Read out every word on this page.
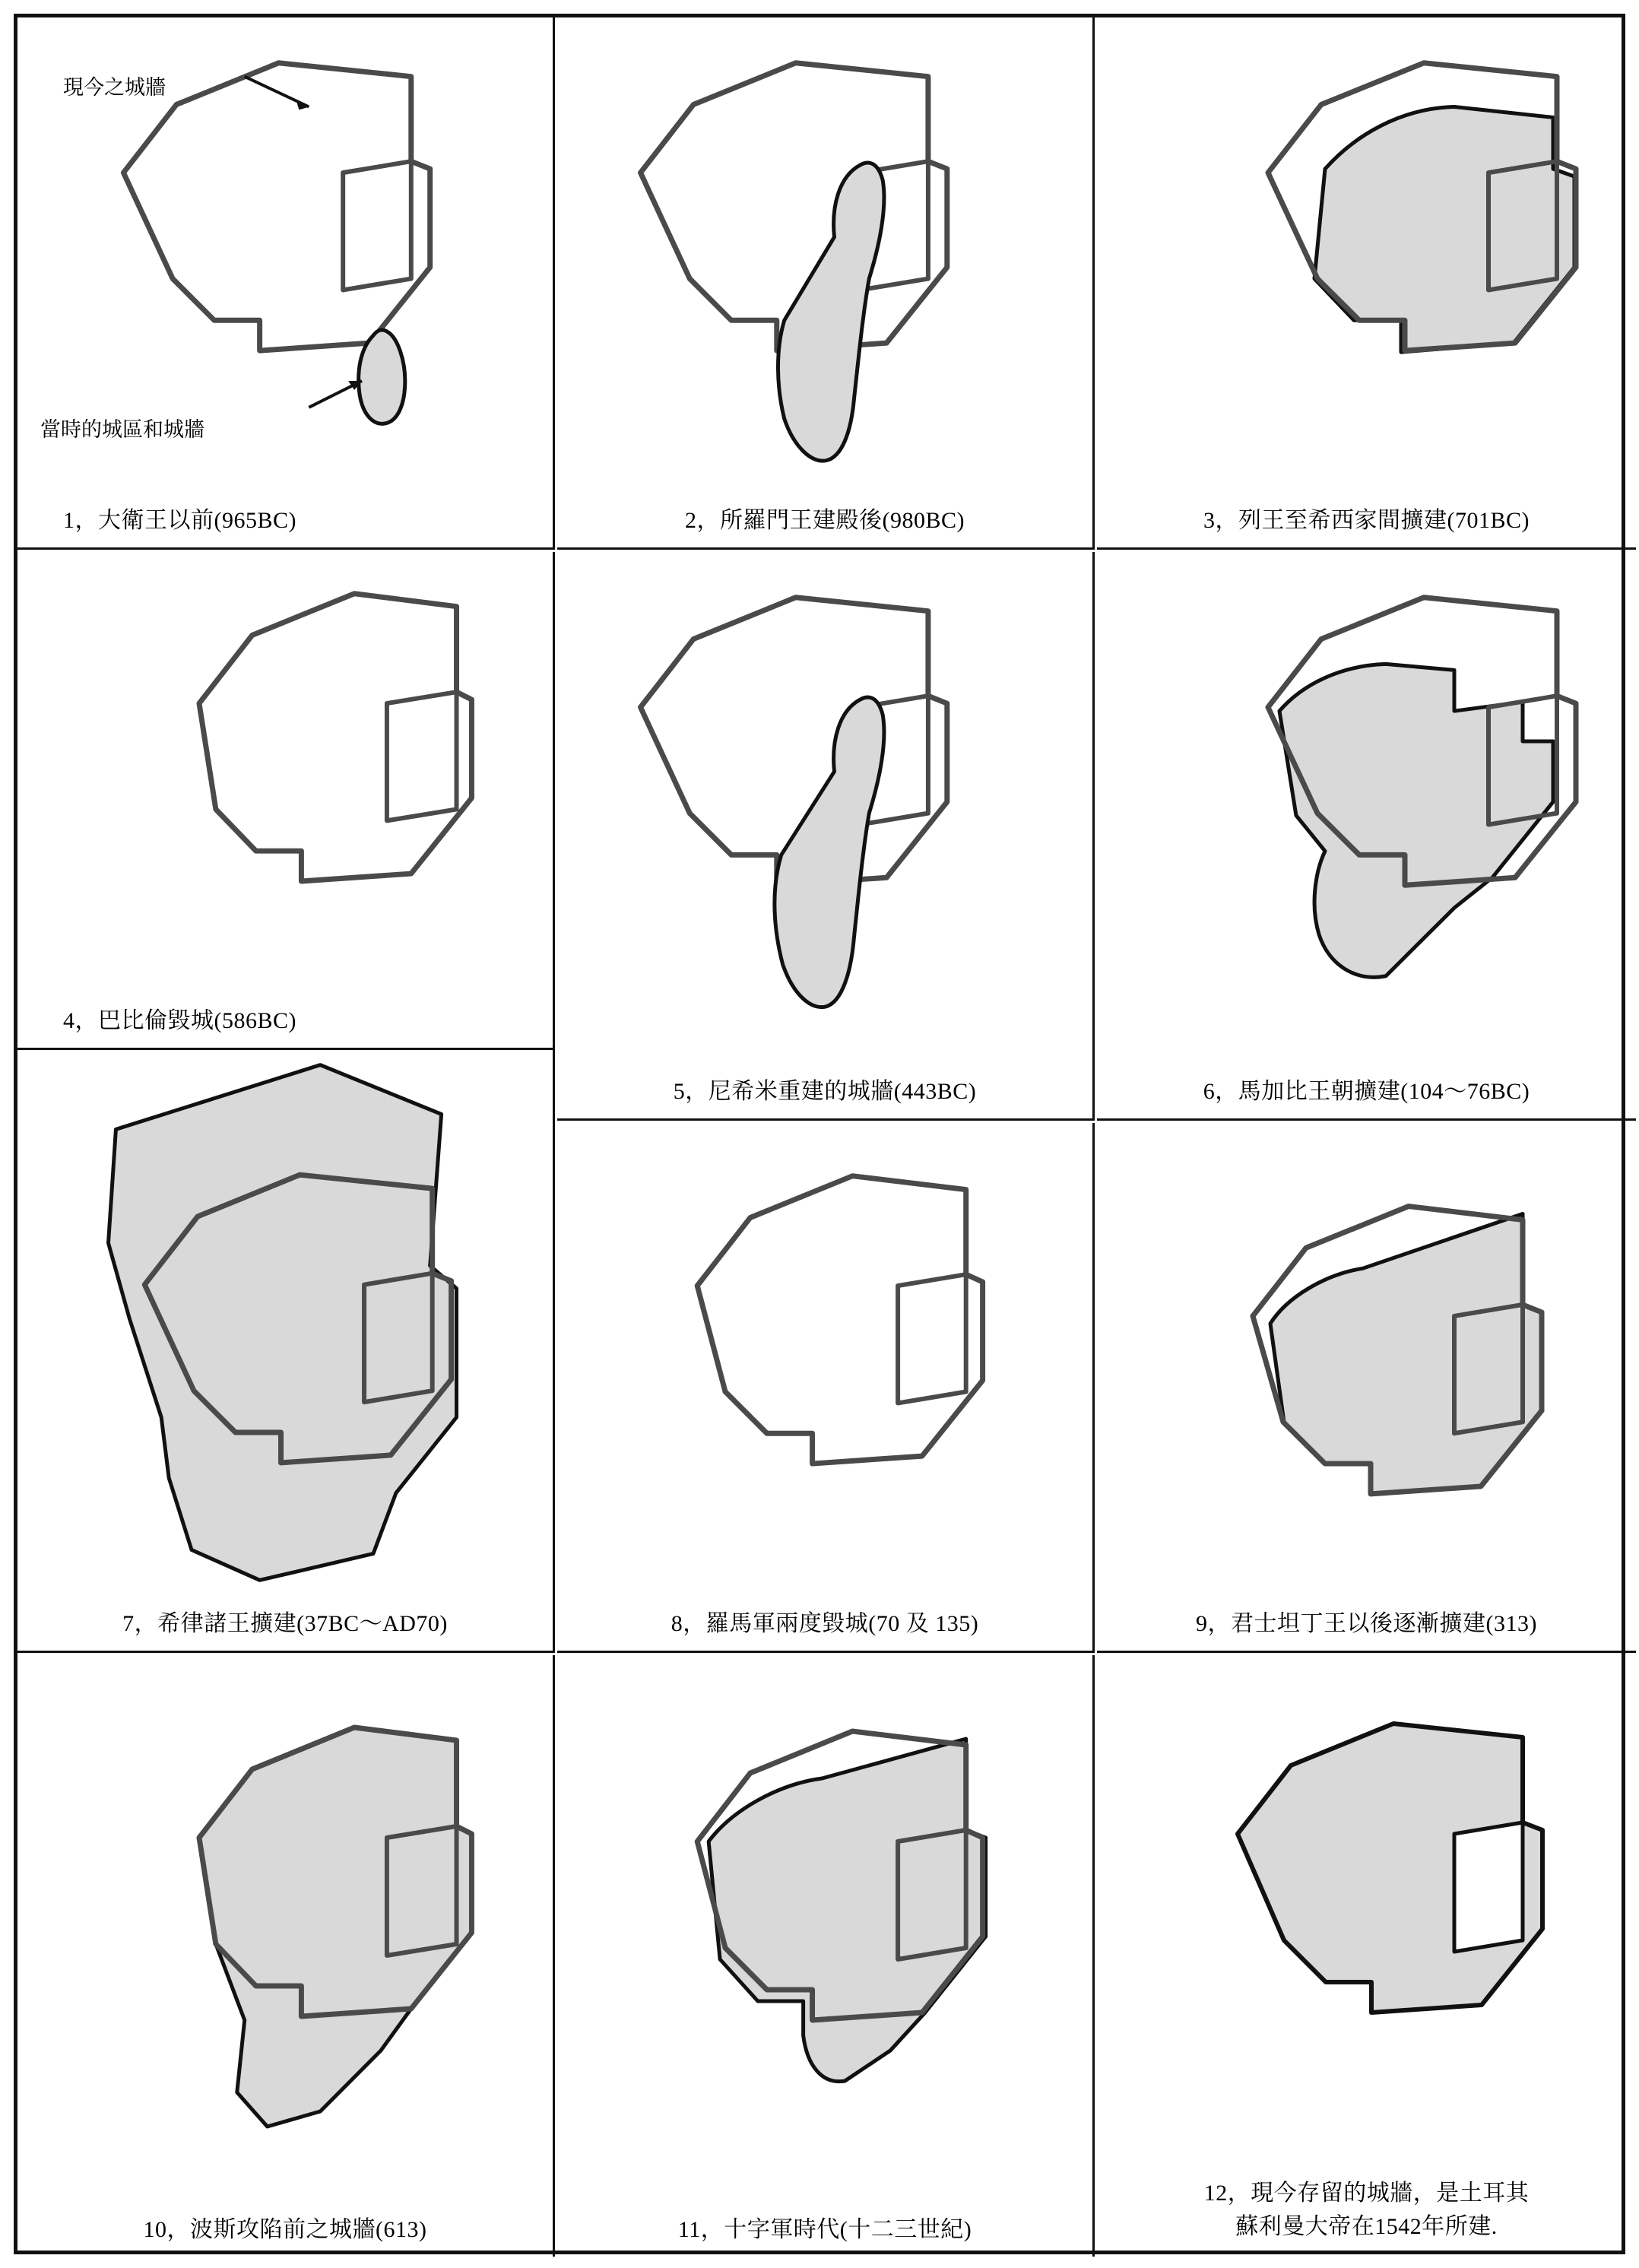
現今之城牆
當時的城區和城牆
1，大衛王以前(965BC)	2，所羅門王建殿後(980BC)	3，列王至希西家間擴建(701BC)
4，巴比倫毀城(586BC)
5，尼希米重建的城牆(443BC)	6，馬加比王朝擴建(104～76BC)
7，希律諸王擴建(37BC～AD70)	8，羅馬軍兩度毀城(70 及 135)	9，君士坦丁王以後逐漸擴建(313)
10，波斯攻陷前之城牆(613)	11，十字軍時代(十二三世紀)
12，現今存留的城牆，是土耳其
蘇利曼大帝在1542年所建.
